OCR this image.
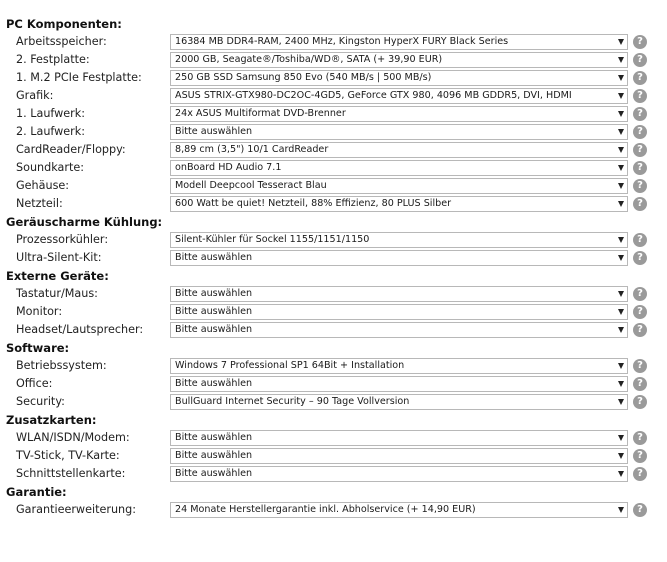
PC Komponenten:
Arbeitsspeicher:	16384 MB DDR4-RAM, 2400 MHz, Kingston HyperX FURY Black Series	?
2. Festplatte:	2000 GB, Seagate®/Toshiba/WD®, SATA (+ 39,90 EUR)	?
1. M.2 PCIe Festplatte:	250 GB SSD Samsung 850 Evo (540 MB/s | 500 MB/s)	?
Grafik:	ASUS STRIX-GTX980-DC2OC-4GD5, GeForce GTX 980, 4096 MB GDDR5, DVI, HDMI	?
1. Laufwerk:	24x ASUS Multiformat DVD-Brenner	?
2. Laufwerk:	Bitte auswählen	?
CardReader/Floppy:	8,89 cm (3,5") 10/1 CardReader	?
Soundkarte:	onBoard HD Audio 7.1	?
Gehäuse:	Modell Deepcool Tesseract Blau	?
Netzteil:	600 Watt be quiet! Netzteil, 88% Effizienz, 80 PLUS Silber	?
Geräuscharme Kühlung:
Prozessorkühler:	Silent-Kühler für Sockel 1155/1151/1150	?
Ultra-Silent-Kit:	Bitte auswählen	?
Externe Geräte:
Tastatur/Maus:	Bitte auswählen	?
Monitor:	Bitte auswählen	?
Headset/Lautsprecher:	Bitte auswählen	?
Software:
Betriebssystem:	Windows 7 Professional SP1 64Bit + Installation	?
Office:	Bitte auswählen	?
Security:	BullGuard Internet Security – 90 Tage Vollversion	?
Zusatzkarten:
WLAN/ISDN/Modem:	Bitte auswählen	?
TV-Stick, TV-Karte:	Bitte auswählen	?
Schnittstellenkarte:	Bitte auswählen	?
Garantie:
Garantieerweiterung:	24 Monate Herstellergarantie inkl. Abholservice (+ 14,90 EUR)	?
